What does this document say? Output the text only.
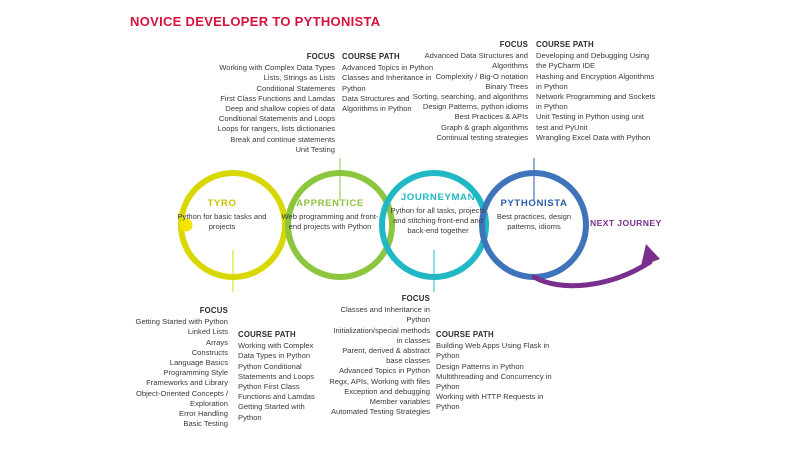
NOVICE DEVELOPER TO PYTHONISTA
TYRO
Python for basic tasks and projects
APPRENTICE
Web programming and front-end projects with Python
JOURNEYMAN
Python for all tasks, projects and stitching front-end and back-end together
PYTHONISTA
Best practices, design patterns, idioms	NEXT JOURNEY
FOCUS
Working with Complex Data Types
Lists, Strings as Lists
Conditional Statements
First Class Functions and Lamdas
Deep and shallow copies of data
Conditional Statements and Loops
Loops for rangers, lists dictionaries
Break and continue statements
Unit Testing
COURSE PATH
Advanced Topics in Python
Classes and Inheritance in Python
Data Structures and Algorithms in Python
FOCUS
Advanced Data Structures and Algorithms
Complexity / Big-O notation
Binary Trees
Sorting, searching, and algorithms
Design Patterns, python idioms
Best Practices & APIs
Graph & graph algorithms
Continual testing strategies
COURSE PATH
Developing and Debugging Using the PyCharm IDE
Hashing and Encryption Algorithms in Python
Network Programming and Sockets in Python
Unit Testing in Python using unit test and PyUnit
Wrangling Excel Data with Python
FOCUS
Getting Started with Python
Linked Lists
Arrays
Constructs
Language Basics
Programming Style
Frameworks and Library
Object-Oriented Concepts / Exploration
Error Handling
Basic Testing
COURSE PATH
Working with Complex Data Types in Python
Python Conditional Statements and Loops
Python First Class Functions and Lamdas
Getting Started with Python
FOCUS
Classes and Inheritance in Python
Initialization/special methods in classes
Parent, derived & abstract base classes
Advanced Topics in Python
Regx, APIs, Working with files
Exception and debugging
Member variables
Automated Testing Strategies
COURSE PATH
Building Web Apps Using Flask in Python
Design Patterns in Python
Multithreading and Concurrency in Python
Working with HTTP Requests in Python
